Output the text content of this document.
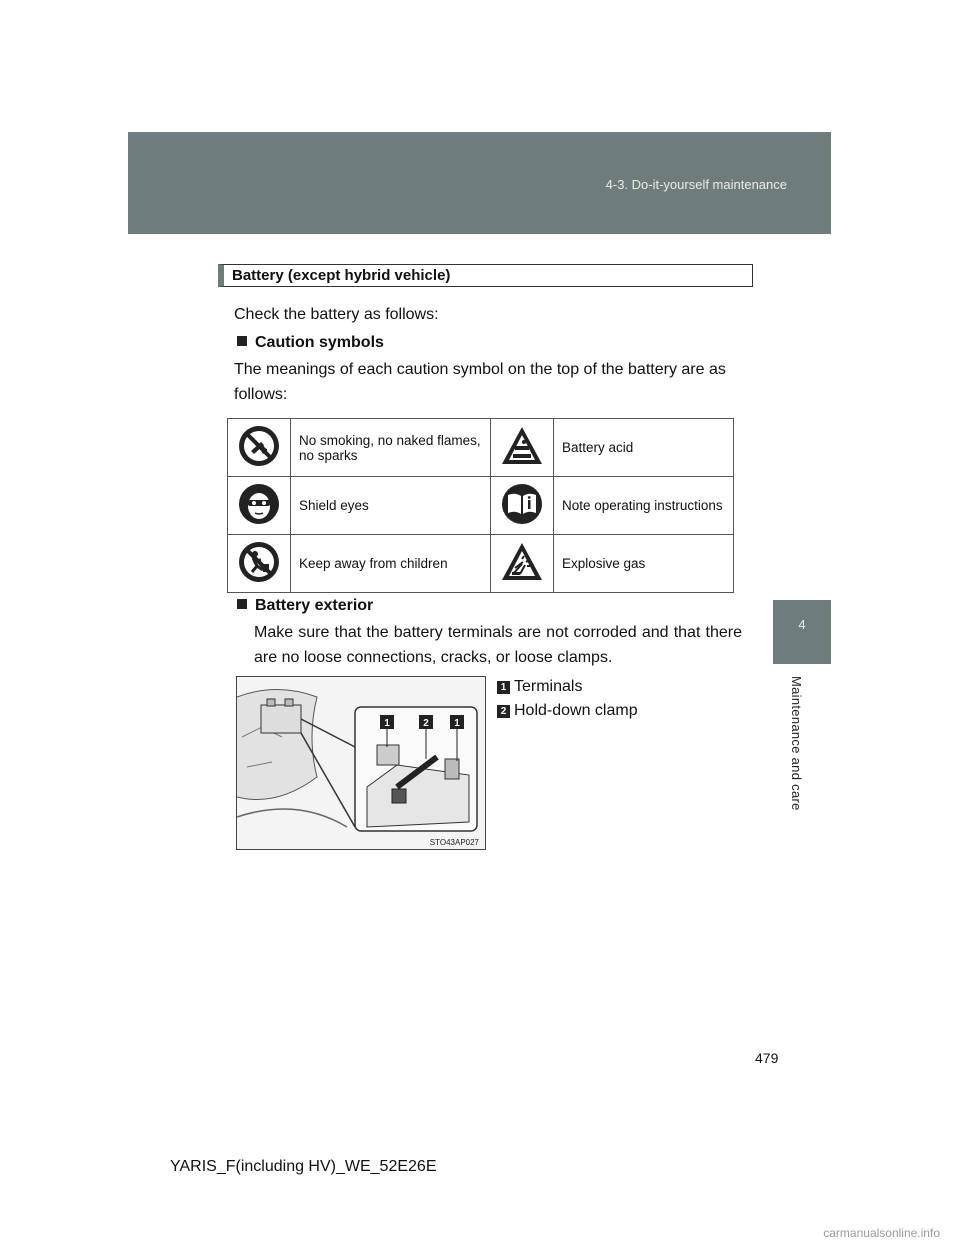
4-3. Do-it-yourself maintenance
4
Maintenance and care
Battery (except hybrid vehicle)
Check the battery as follows:
Caution symbols
The meanings of each caution symbol on the top of the battery are as follows:
	No smoking, no naked flames, no sparks		Battery acid
	Shield eyes		Note operating instructions
	Keep away from children		Explosive gas
Battery exterior
Make sure that the battery terminals are not corroded and that there are no loose connections, cracks, or loose clamps.
1	2	1
STO43AP027
1 Terminals
2 Hold-down clamp
479
YARIS_F(including HV)_WE_52E26E
carmanualsonline.info
